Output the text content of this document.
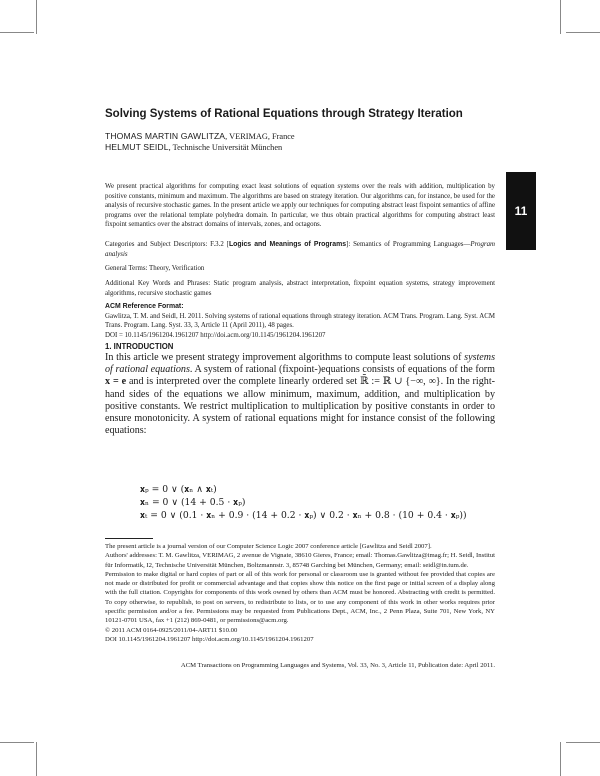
11
Solving Systems of Rational Equations through Strategy Iteration
THOMAS MARTIN GAWLITZA, VERIMAG, France
HELMUT SEIDL, Technische Universität München

We present practical algorithms for computing exact least solutions of equation systems over the reals with addition, multiplication by positive constants, minimum and maximum. The algorithms are based on strategy iteration. Our algorithms can, for instance, be used for the analysis of recursive stochastic games. In the present article we apply our techniques for computing abstract least fixpoint semantics of affine programs over the relational template polyhedra domain. In particular, we thus obtain practical algorithms for computing abstract least fixpoint semantics over the abstract domains of intervals, zones, and octagons.

Categories and Subject Descriptors: F.3.2 [Logics and Meanings of Programs]: Semantics of Programming Languages—Program analysis

General Terms: Theory, Verification

Additional Key Words and Phrases: Static program analysis, abstract interpretation, fixpoint equation systems, strategy improvement algorithms, recursive stochastic games

ACM Reference Format:
Gawlitza, T. M. and Seidl, H. 2011. Solving systems of rational equations through strategy iteration. ACM Trans. Program. Lang. Syst. ACM Trans. Program. Lang. Syst. 33, 3, Article 11 (April 2011), 48 pages.
DOI = 10.1145/1961204.1961207 http://doi.acm.org/10.1145/1961204.1961207
1. INTRODUCTION

In this article we present strategy improvement algorithms to compute least solutions of systems of rational equations. A system of rational (fixpoint-)equations consists of equations of the form x = e and is interpreted over the complete linearly ordered set ℝ̄ := ℝ ∪ {−∞, ∞}. In the right-hand sides of the equations we allow minimum, maximum, addition, and multiplication by positive constants. We restrict multiplication to multiplication by positive constants in order to ensure monotonicity. A system of rational equations might for instance consist of the following equations:

𝐱ₚ = 0 ∨ (𝐱ₙ ∧ 𝐱ₜ)
𝐱ₙ = 0 ∨ (14 + 0.5 · 𝐱ₚ)
𝐱ₜ = 0 ∨ (0.1 · 𝐱ₙ + 0.9 · (14 + 0.2 · 𝐱ₚ) ∨ 0.2 · 𝐱ₙ + 0.8 · (10 + 0.4 · 𝐱ₚ))

The present article is a journal version of our Computer Science Logic 2007 conference article [Gawlitza and Seidl 2007].

Authors' addresses: T. M. Gawlitza, VERIMAG, 2 avenue de Vignate, 38610 Gieres, France; email: Thomas.Gawlitza@imag.fr; H. Seidl, Institut für Informatik, I2, Technische Universität München, Boltzmannstr. 3, 85748 Garching bei München, Germany; email: seidl@in.tum.de.

Permission to make digital or hard copies of part or all of this work for personal or classroom use is granted without fee provided that copies are not made or distributed for profit or commercial advantage and that copies show this notice on the first page or initial screen of a display along with the full citation. Copyrights for components of this work owned by others than ACM must be honored. Abstracting with credit is permitted. To copy otherwise, to republish, to post on servers, to redistribute to lists, or to use any component of this work in other works requires prior specific permission and/or a fee. Permissions may be requested from Publications Dept., ACM, Inc., 2 Penn Plaza, Suite 701, New York, NY 10121-0701 USA, fax +1 (212) 869-0481, or permissions@acm.org.

© 2011 ACM 0164-0925/2011/04-ART11 $10.00

DOI 10.1145/1961204.1961207 http://doi.acm.org/10.1145/1961204.1961207

ACM Transactions on Programming Languages and Systems, Vol. 33, No. 3, Article 11, Publication date: April 2011.
